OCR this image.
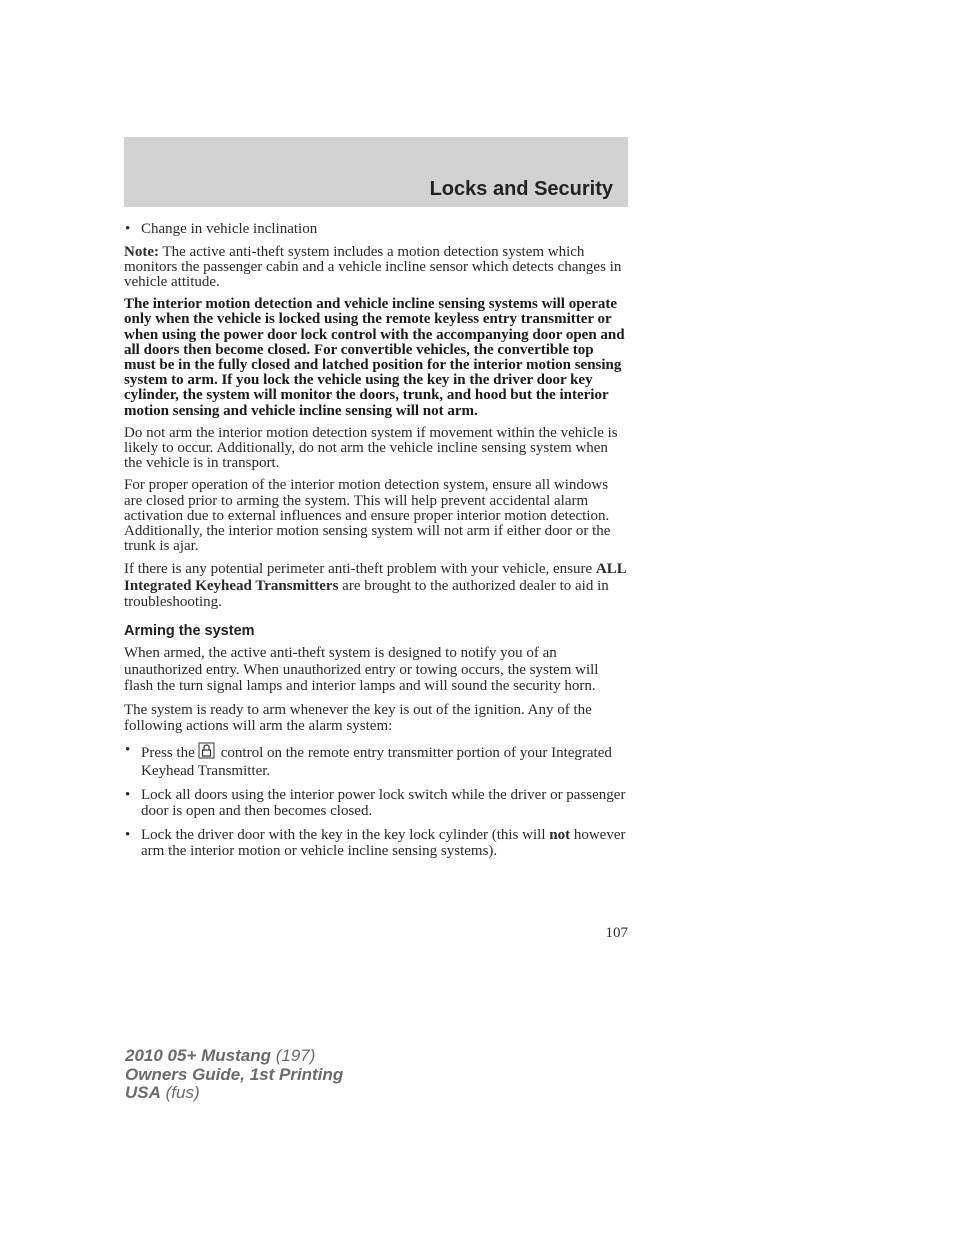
Locks and Security
• Change in vehicle inclination

Note: The active anti-theft system includes a motion detection system which monitors the passenger cabin and a vehicle incline sensor which detects changes in vehicle attitude.

The interior motion detection and vehicle incline sensing systems will operate only when the vehicle is locked using the remote keyless entry transmitter or when using the power door lock control with the accompanying door open and all doors then become closed. For convertible vehicles, the convertible top must be in the fully closed and latched position for the interior motion sensing system to arm. If you lock the vehicle using the key in the driver door key cylinder, the system will monitor the doors, trunk, and hood but the interior motion sensing and vehicle incline sensing will not arm.

Do not arm the interior motion detection system if movement within the vehicle is likely to occur. Additionally, do not arm the vehicle incline sensing system when the vehicle is in transport.

For proper operation of the interior motion detection system, ensure all windows are closed prior to arming the system. This will help prevent accidental alarm activation due to external influences and ensure proper interior motion detection. Additionally, the interior motion sensing system will not arm if either door or the trunk is ajar.

If there is any potential perimeter anti-theft problem with your vehicle, ensure ALL Integrated Keyhead Transmitters are brought to the authorized dealer to aid in troubleshooting.

Arming the system

When armed, the active anti-theft system is designed to notify you of an unauthorized entry. When unauthorized entry or towing occurs, the system will flash the turn signal lamps and interior lamps and will sound the security horn.

The system is ready to arm whenever the key is out of the ignition. Any of the following actions will arm the alarm system:

• Press the control on the remote entry transmitter portion of your Integrated Keyhead Transmitter.
• Lock all doors using the interior power lock switch while the driver or passenger door is open and then becomes closed.
• Lock the driver door with the key in the key lock cylinder (this will not however arm the interior motion or vehicle incline sensing systems).
107
2010 05+ Mustang (197)
Owners Guide, 1st Printing
USA (fus)
